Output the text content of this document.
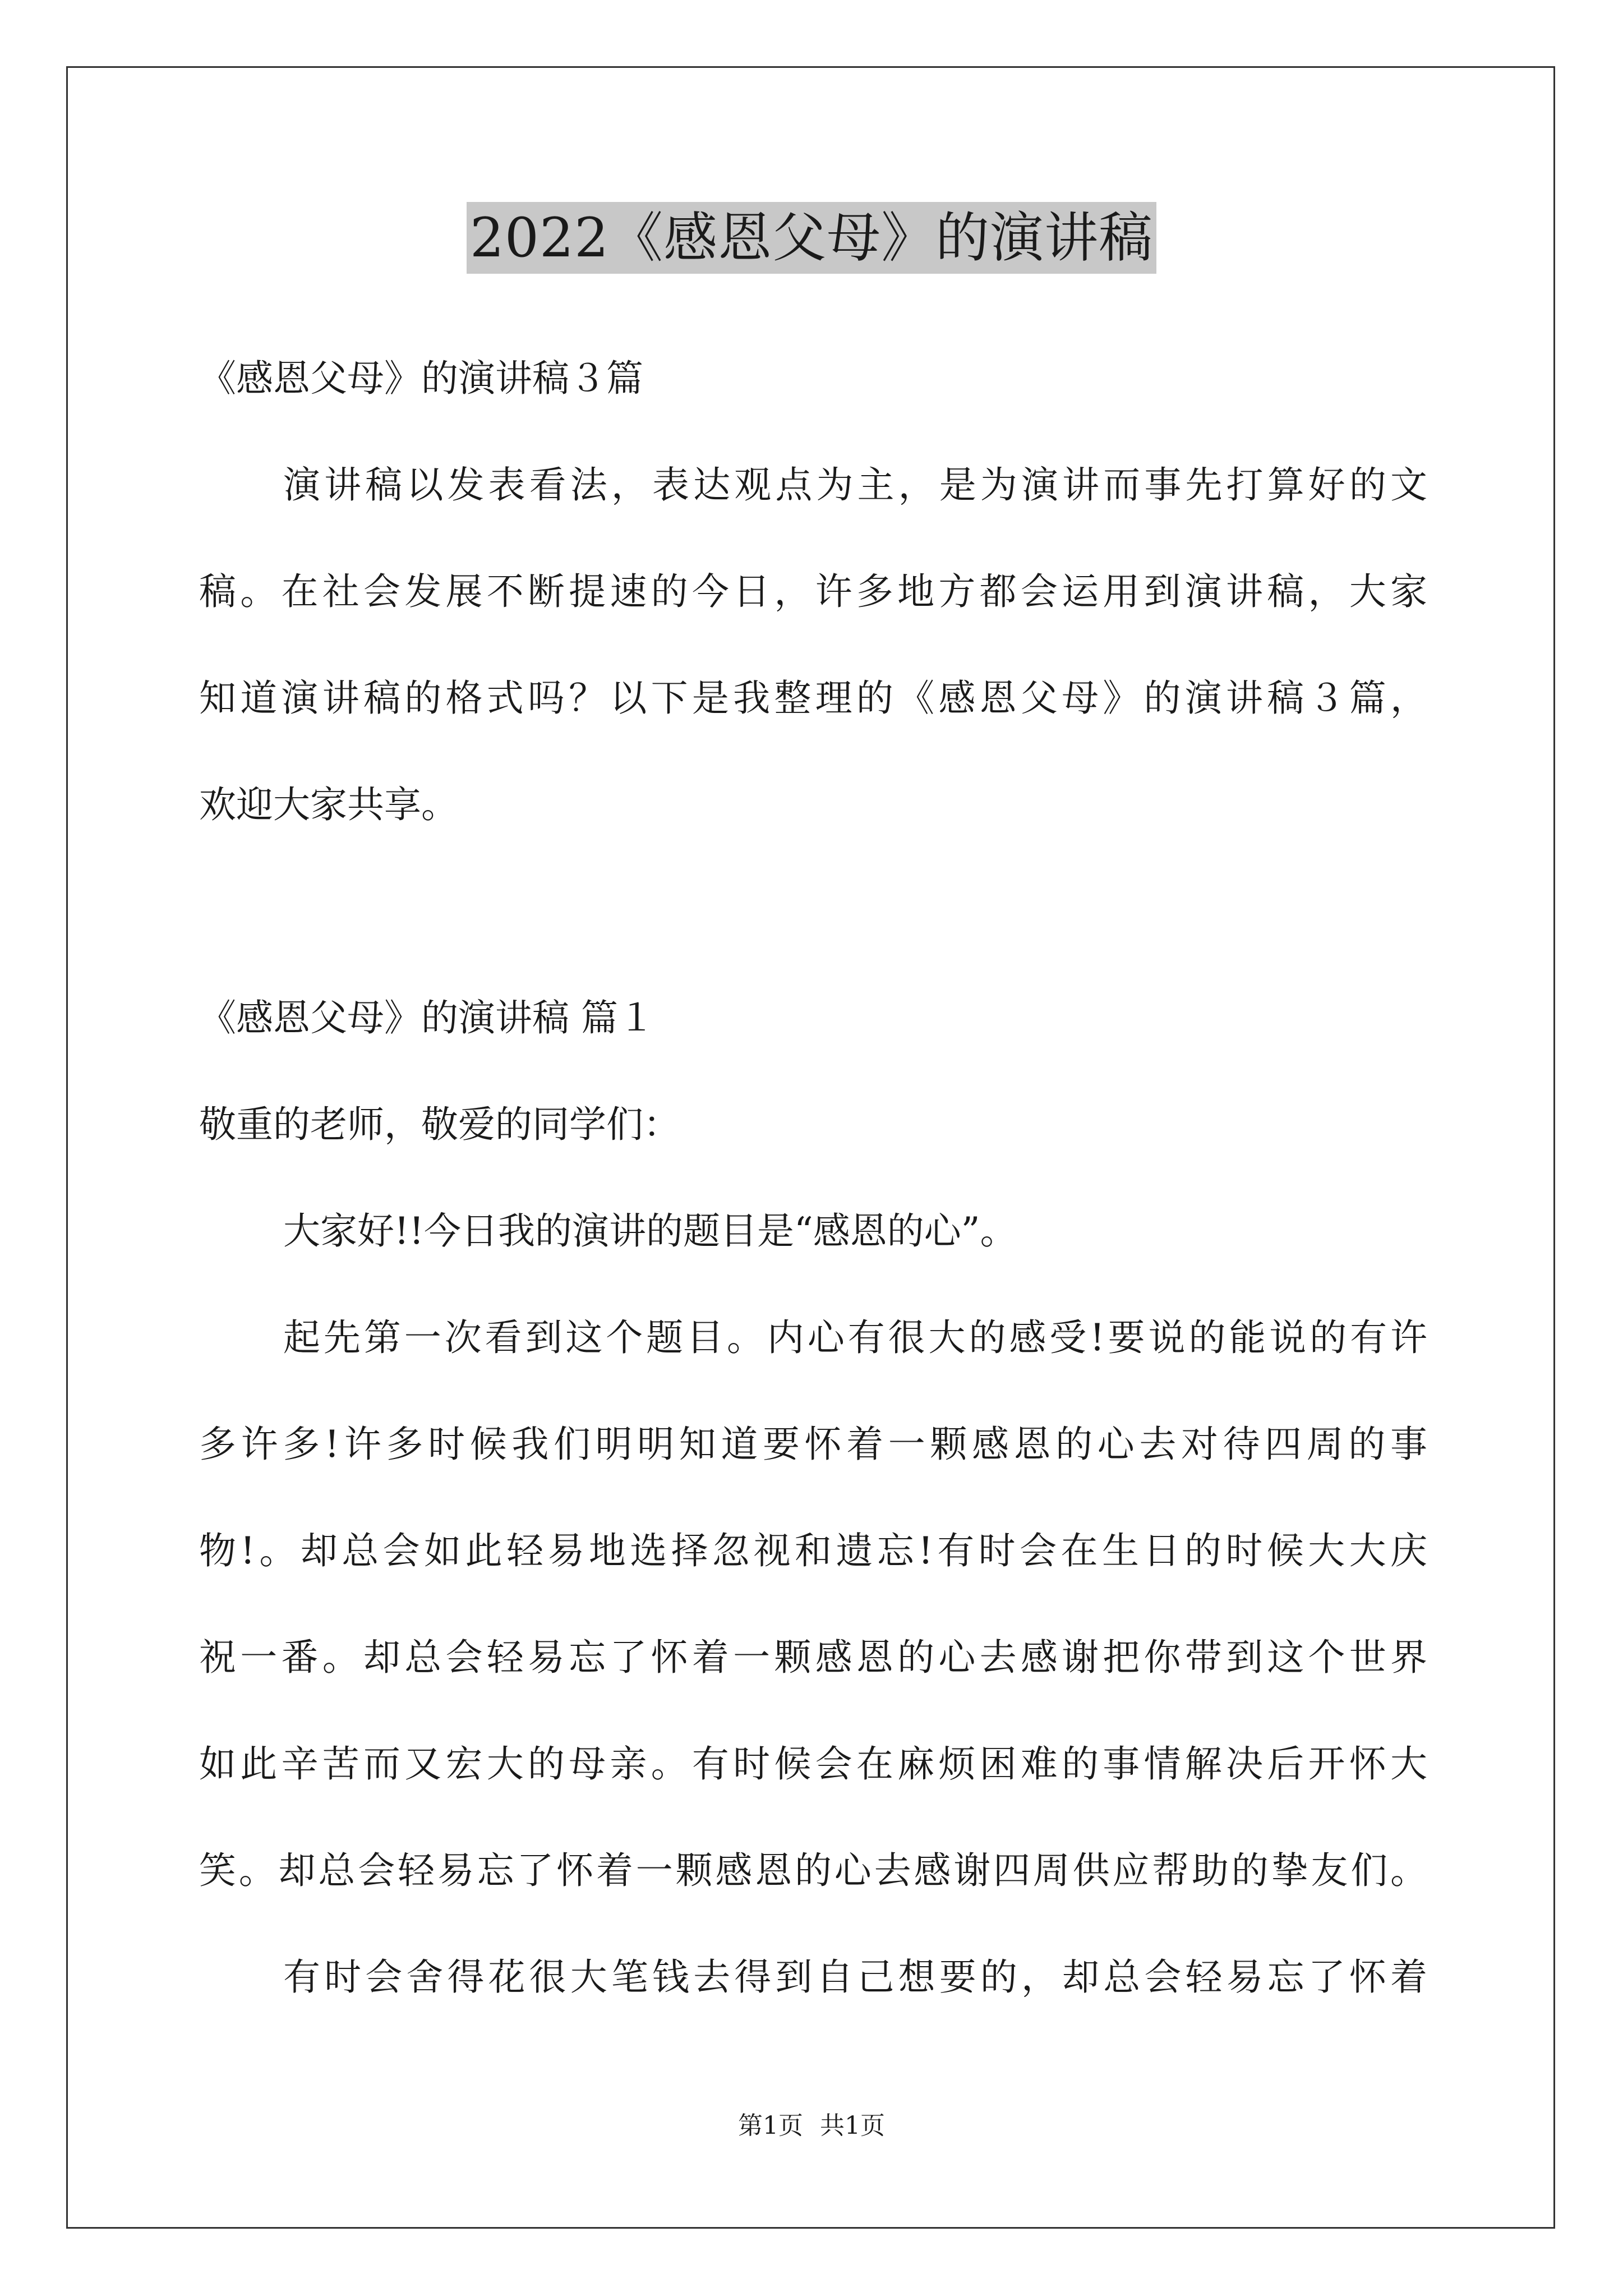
2022《感恩父母》的演讲稿
《感恩父母》的演讲稿３篇
演讲稿以发表看法，表达观点为主，是为演讲而事先打算好的文
稿。在社会发展不断提速的今日，许多地方都会运用到演讲稿，大家
知道演讲稿的格式吗？以下是我整理的《感恩父母》的演讲稿３篇，
欢迎大家共享。
《感恩父母》的演讲稿 篇１
敬重的老师，敬爱的同学们：
大家好!!今日我的演讲的题目是“感恩的心”。
起先第一次看到这个题目。内心有很大的感受!要说的能说的有许
多许多!许多时候我们明明知道要怀着一颗感恩的心去对待四周的事
物!。却总会如此轻易地选择忽视和遗忘!有时会在生日的时候大大庆
祝一番。却总会轻易忘了怀着一颗感恩的心去感谢把你带到这个世界
如此辛苦而又宏大的母亲。有时候会在麻烦困难的事情解决后开怀大
笑。却总会轻易忘了怀着一颗感恩的心去感谢四周供应帮助的挚友们。
有时会舍得花很大笔钱去得到自己想要的，却总会轻易忘了怀着
第1页 共1页
